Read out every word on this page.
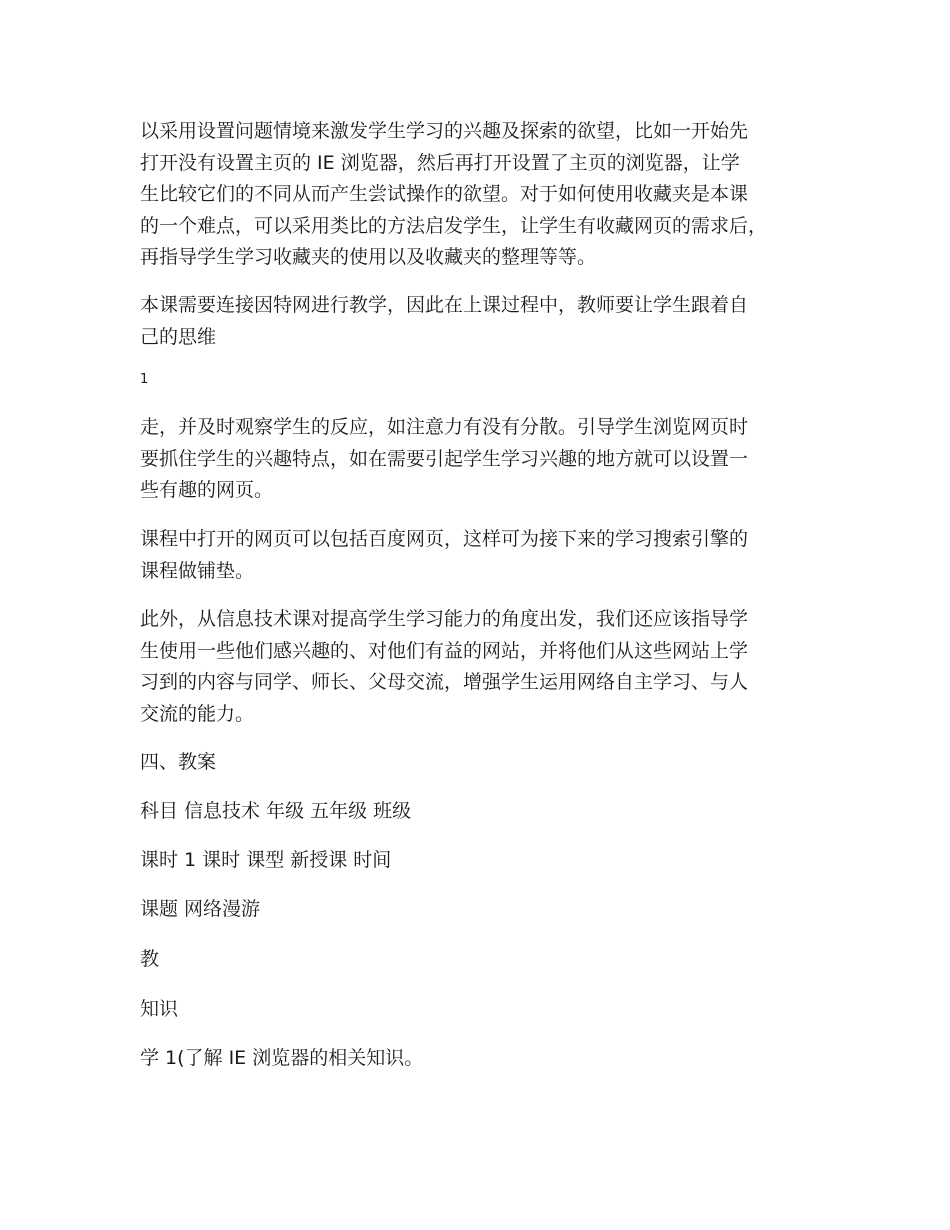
以采用设置问题情境来激发学生学习的兴趣及探索的欲望，比如一开始先
打开没有设置主页的 IE 浏览器，然后再打开设置了主页的浏览器，让学
生比较它们的不同从而产生尝试操作的欲望。对于如何使用收藏夹是本课
的一个难点，可以采用类比的方法启发学生，让学生有收藏网页的需求后，
再指导学生学习收藏夹的使用以及收藏夹的整理等等。

本课需要连接因特网进行教学，因此在上课过程中，教师要让学生跟着自
己的思维

1

走，并及时观察学生的反应，如注意力有没有分散。引导学生浏览网页时
要抓住学生的兴趣特点，如在需要引起学生学习兴趣的地方就可以设置一
些有趣的网页。

课程中打开的网页可以包括百度网页，这样可为接下来的学习搜索引擎的
课程做铺垫。

此外，从信息技术课对提高学生学习能力的角度出发，我们还应该指导学
生使用一些他们感兴趣的、对他们有益的网站，并将他们从这些网站上学
习到的内容与同学、师长、父母交流，增强学生运用网络自主学习、与人
交流的能力。

四、教案

科目 信息技术 年级 五年级 班级

课时 1 课时 课型 新授课 时间

课题 网络漫游

教

知识

学 1(了解 IE 浏览器的相关知识。
